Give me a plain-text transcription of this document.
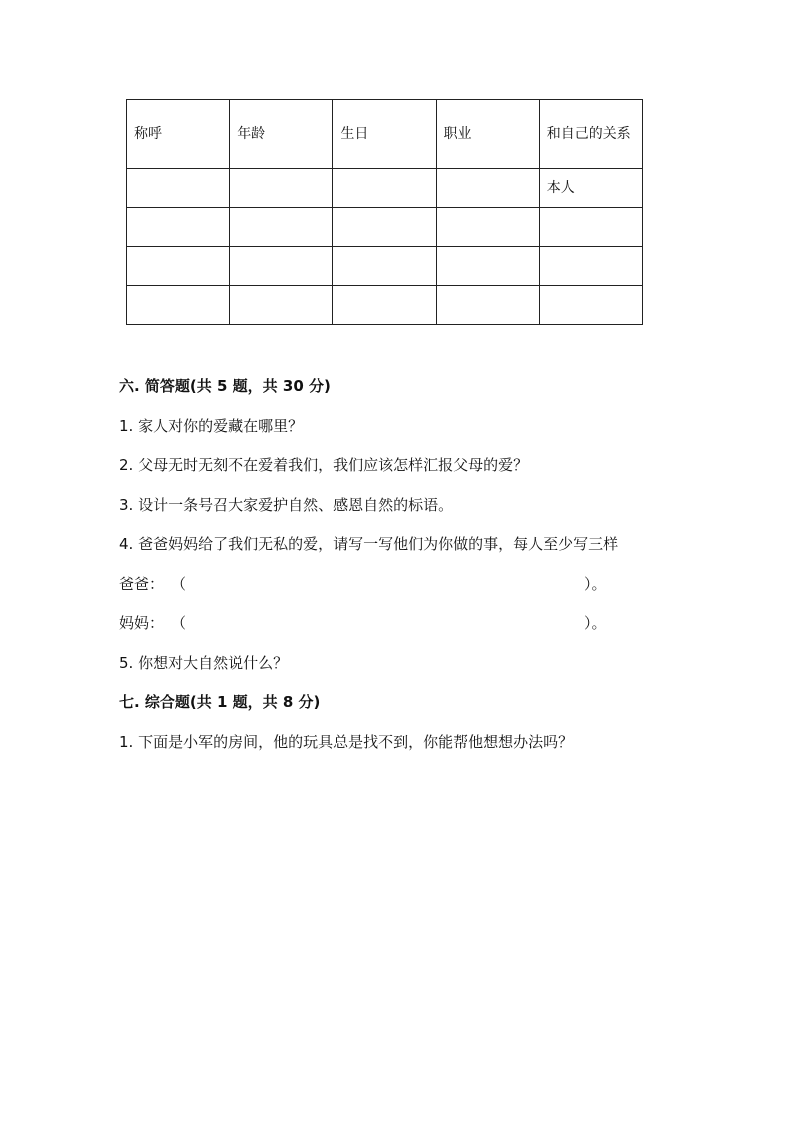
称呼	年龄	生日	职业	和自己的关系
				本人

六. 简答题(共 5 题，共 30 分)
1. 家人对你的爱藏在哪里？
2. 父母无时无刻不在爱着我们，我们应该怎样汇报父母的爱？
3. 设计一条号召大家爱护自然、感恩自然的标语。
4. 爸爸妈妈给了我们无私的爱，请写一写他们为你做的事，每人至少写三样
爸爸： （	）。
妈妈： （	）。
5. 你想对大自然说什么？
七. 综合题(共 1 题，共 8 分)
1. 下面是小军的房间，他的玩具总是找不到，你能帮他想想办法吗？
